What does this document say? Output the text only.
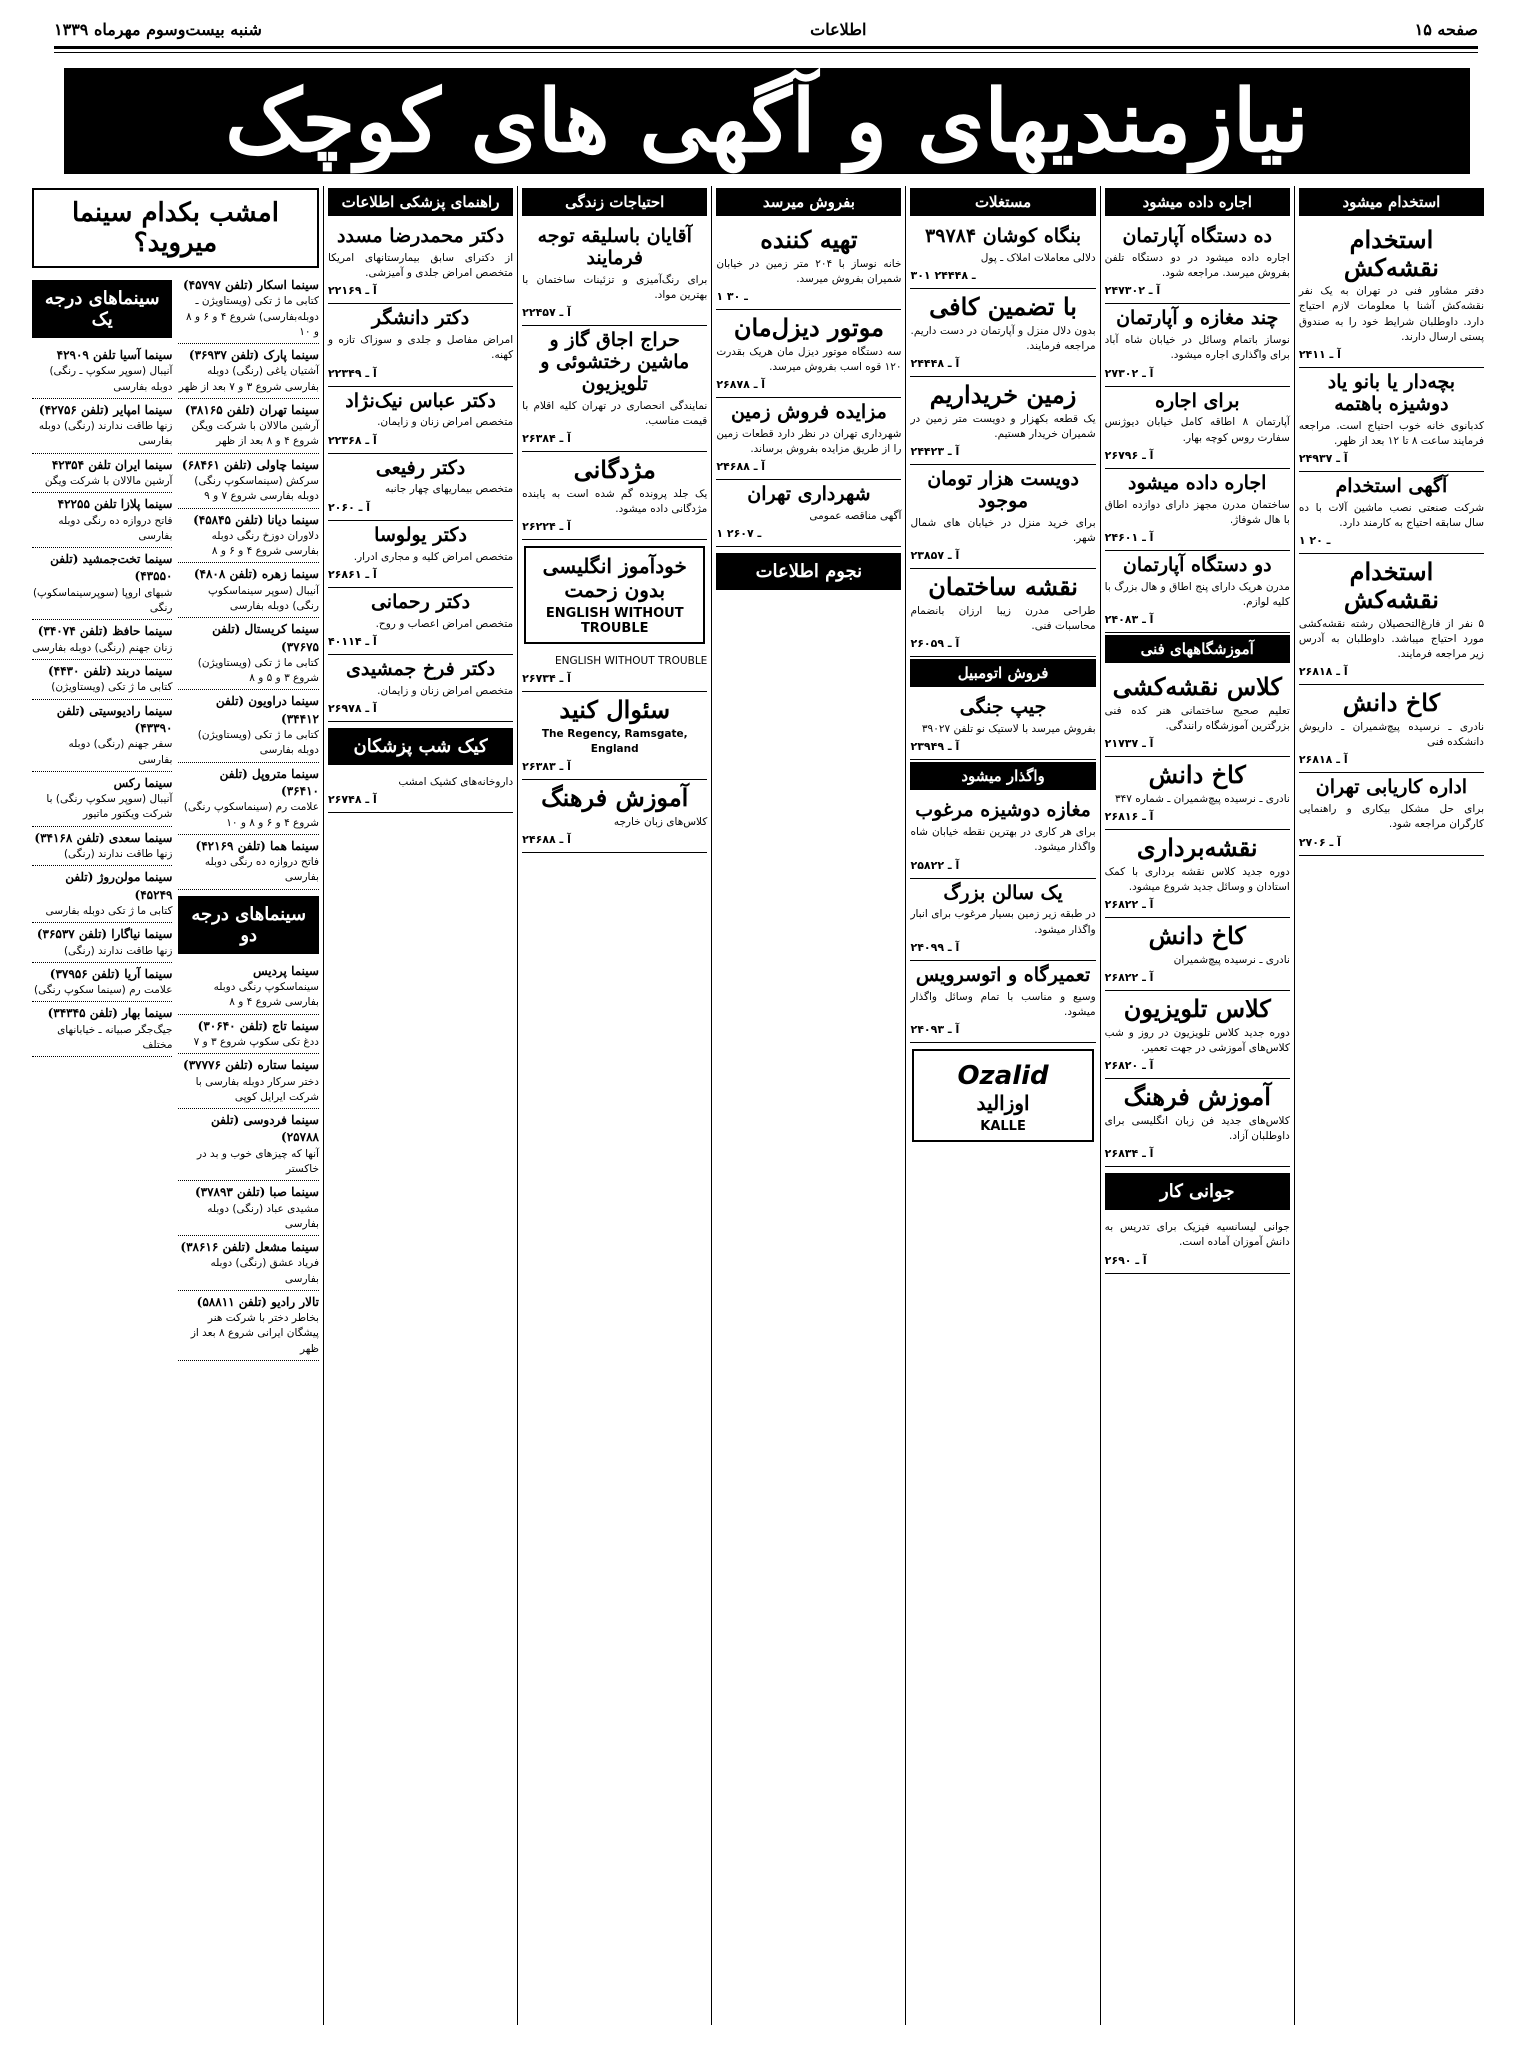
صفحه ۱۵
اطلاعات
شنبه بیست‌وسوم مهرماه ۱۳۳۹
نیازمندیهای و آگهی های کوچک
استخدام میشود
استخدام نقشه‌کش
دفتر مشاور فنی در تهران به یک نفر نقشه‌کش آشنا با معلومات لازم احتیاج دارد. داوطلبان شرایط خود را به صندوق پستی ارسال دارند.
آ ـ ۲۴۱۱
بچه‌دار یا بانو یاد دوشیزه باهتمه
کدبانوی خانه خوب احتیاج است. مراجعه فرمایند ساعت ۸ تا ۱۲ بعد از ظهر.
آ ـ ۲۴۹۳۷
آگهی استخدام
شرکت صنعتی نصب ماشین آلات با ده سال سابقه احتیاج به کارمند دارد.
۱ ـ ۲۰
استخدام نقشه‌کش
۵ نفر از فارغ‌التحصیلان رشته نقشه‌کشی مورد احتیاج میباشد. داوطلبان به آدرس زیر مراجعه فرمایند.
آ ـ ۲۶۸۱۸
کاخ دانش
نادری ـ نرسیده پیچ‌شمیران ـ داریوش دانشکده فنی
آ ـ ۲۶۸۱۸
اداره کاریابی تهران
برای حل مشکل بیکاری و راهنمایی کارگران مراجعه شود.
آ ـ ۲۷۰۶
اجاره داده میشود
ده دستگاه آپارتمان
اجاره داده میشود در دو دستگاه تلفن بفروش میرسد. مراجعه شود.
آ ـ ۲۴۷۳۰۲
چند مغازه و آپارتمان
نوساز باتمام وسائل در خیابان شاه آباد برای واگذاری اجاره میشود.
آ ـ ۲۷۳۰۲
برای اجاره
آپارتمان ۸ اطاقه کامل خیابان دیوژنس سفارت روس کوچه بهار.
آ ـ ۲۶۷۹۶
اجاره داده میشود
ساختمان مدرن مجهز دارای دوازده اطاق با هال شوفاژ.
آ ـ ۲۴۶۰۱
دو دستگاه آپارتمان
مدرن هریک دارای پنج اطاق و هال بزرگ با کلیه لوازم.
آ ـ ۲۴۰۸۳
آموزشگاههای فنی
کلاس نقشه‌کشی
تعلیم صحیح ساختمانی هنر کده فنی بزرگترین آموزشگاه رانندگی.
آ ـ ۲۱۷۳۷
کاخ دانش
نادری ـ نرسیده پیچ‌شمیران ـ شماره ۳۴۷
آ ـ ۲۶۸۱۶
نقشه‌برداری
دوره جدید کلاس نقشه برداری با کمک استادان و وسائل جدید شروع میشود.
آ ـ ۲۶۸۲۲
کاخ دانش
نادری ـ نرسیده پیچ‌شمیران
آ ـ ۲۶۸۲۲
کلاس تلویزیون
دوره جدید کلاس تلویزیون در روز و شب کلاس‌های آموزشی در جهت تعمیر.
آ ـ ۲۶۸۲۰
آموزش فرهنگ
کلاس‌های جدید فن زبان انگلیسی برای داوطلبان آزاد.
آ ـ ۲۶۸۳۴
جوانی کار
جوانی لیسانسیه فیزیک برای تدریس به دانش آموزان آماده است.
آ ـ ۲۶۹۰
مستغلات
بنگاه کوشان ۳۹۷۸۴
دلالی معاملات املاک ـ پول
۳۰۱ ـ ۲۴۴۴۸
با تضمین کافی
بدون دلال منزل و آپارتمان در دست داریم. مراجعه فرمایند.
آ ـ ۲۴۴۴۸
زمین خریداریم
یک قطعه بکهزار و دویست متر زمین در شمیران خریدار هستیم.
آ ـ ۲۴۴۲۳
دویست هزار تومان موجود
برای خرید منزل در خیابان های شمال شهر.
آ ـ ۲۳۸۵۷
نقشه ساختمان
طراحی مدرن زیبا ارزان بانضمام محاسبات فنی.
آ ـ ۲۶۰۵۹
فروش اتومبیل
جیپ جنگی
بفروش میرسد با لاستیک نو تلفن ۳۹۰۲۷
آ ـ ۲۳۹۴۹
واگذار میشود
مغازه دوشیزه مرغوب
برای هر کاری در بهترین نقطه خیابان شاه واگذار میشود.
آ ـ ۲۵۸۲۲
یک سالن بزرگ
در طبقه زیر زمین بسیار مرغوب برای انبار واگذار میشود.
آ ـ ۲۴۰۹۹
تعمیرگاه و اتوسرویس
وسیع و مناسب با تمام وسائل واگذار میشود.
آ ـ ۲۴۰۹۳
Ozalid
اوزالید
KALLE
بفروش میرسد
تهیه کننده
خانه نوساز با ۲۰۴ متر زمین در خیابان شمیران بفروش میرسد.
۱ ـ ۳۰
موتور دیزل‌مان
سه دستگاه موتور دیزل مان هریک بقدرت ۱۲۰ قوه اسب بفروش میرسد.
آ ـ ۲۶۸۷۸
مزایده فروش زمین
شهرداری تهران در نظر دارد قطعات زمین را از طریق مزایده بفروش برساند.
آ ـ ۲۴۶۸۸
شهرداری تهران
آگهی مناقصه عمومی
۱ ـ ۲۶۰۷
نجوم اطلاعات
احتیاجات زندگی
آقایان باسلیقه توجه فرمایند
برای رنگ‌آمیزی و تزئینات ساختمان با بهترین مواد.
آ ـ ۲۲۴۵۷
حراج اجاق گاز و ماشین رختشوئی و تلویزیون
نمایندگی انحصاری در تهران کلیه اقلام با قیمت مناسب.
آ ـ ۲۶۳۸۴
مژدگانی
یک جلد پرونده گم شده است به یابنده مژدگانی داده میشود.
آ ـ ۲۶۲۲۴
خودآموز انگلیسی بدون زحمت
ENGLISH WITHOUT TROUBLE
ENGLISH WITHOUT TROUBLE
آ ـ ۲۶۷۳۴
سئوال کنید
The Regency, Ramsgate, England
آ ـ ۲۶۳۸۳
آموزش فرهنگ
کلاس‌های زبان خارجه
آ ـ ۲۴۶۸۸
راهنمای پزشکی اطلاعات
دکتر محمدرضا مسدد
از دکترای سابق بیمارستانهای امریکا متخصص امراض جلدی و آمیزشی.
آ ـ ۲۲۱۶۹
دکتر دانشگر
امراض مفاصل و جلدی و سوزاک تازه و کهنه.
آ ـ ۲۲۳۴۹
دکتر عباس نیک‌نژاد
متخصص امراض زنان و زایمان.
آ ـ ۲۲۳۶۸
دکتر رفیعی
متخصص بیماریهای چهار جانبه
آ ـ ۲۰۶۰
دکتر یولوسا
متخصص امراض کلیه و مجاری ادرار.
آ ـ ۲۶۸۶۱
دکتر رحمانی
متخصص امراض اعصاب و روح.
آ ـ ۴۰۱۱۴
دکتر فرخ جمشیدی
متخصص امراض زنان و زایمان.
آ ـ ۲۶۹۷۸
کیک شب پزشکان
داروخانه‌های کشیک امشب
آ ـ ۲۶۷۴۸
امشب بکدام سینما میروید؟
سینماهای درجه یک
سینما آسیا تلفن ۴۲۹۰۹
آنیبال (سوپر سکوپ ـ رنگی) دوبله بفارسی
سینما امپایر (تلفن ۴۲۷۵۶)
زنها طاقت ندارند (رنگی) دوبله بفارسی
سینما ایران تلفن ۴۲۳۵۴
آرشین مالالان با شرکت ویگن
سینما پلازا تلفن ۴۲۲۵۵
فاتح دروازه ده رنگی دوبله بفارسی
سینما تخت‌جمشید (تلفن ۴۳۵۵۰)
شبهای اروپا (سوپرسینماسکوپ) رنگی
سینما حافظ (تلفن ۳۴۰۷۴)
زنان جهنم (رنگی) دوبله بفارسی
سینما دربند (تلفن ۴۴۳۰)
کتابی ما ژ تکی (ویستاویژن)
سینما رادیوسیتی (تلفن ۴۳۳۹۰)
سفر جهنم (رنگی) دوبله بفارسی
سینما رکس
آنیبال (سوپر سکوپ رنگی) با شرکت ویکتور ماتیور
سینما سعدی (تلفن ۳۴۱۶۸)
زنها طاقت ندارند (رنگی)
سینما مولن‌روژ (تلفن ۴۵۲۴۹)
کتابی ما ژ تکی دوبله بفارسی
سینما نیاگارا (تلفن ۳۶۵۳۷)
زنها طاقت ندارند (رنگی)
سینما آریا (تلفن ۳۷۹۵۶)
علامت رم (سینما سکوپ رنگی)
سینما بهار (تلفن ۳۴۳۴۵)
جیگ‌جگر صبیانه ـ خیابانهای مختلف
سینما اسکار (تلفن ۴۵۷۹۷)
کتابی ما ژ تکی (ویستاویژن ـ دوبله‌بفارسی) شروع ۴ و ۶ و ۸ و ۱۰
سینما پارک (تلفن ۳۶۹۳۷)
آشتیان یاغی (رنگی) دوبله بفارسی شروع ۳ و ۷ بعد از ظهر
سینما تهران (تلفن ۳۸۱۶۵)
آرشین مالالان با شرکت ویگن شروع ۴ و ۸ بعد از ظهر
سینما چاولی (تلفن ۶۸۴۶۱)
سرکش (سینماسکوپ رنگی) دوبله بفارسی شروع ۷ و ۹
سینما دیانا (تلفن ۴۵۸۴۵)
دلاوران دوزخ رنگی دوبله بفارسی شروع ۴ و ۶ و ۸
سینما زهره (تلفن ۴۸۰۸)
آنیبال (سوپر سینماسکوپ رنگی) دوبله بفارسی
سینما کریستال (تلفن ۳۷۶۷۵)
کتابی ما ژ تکی (ویستاویژن) شروع ۳ و ۵ و ۸
سینما دراویون (تلفن ۳۴۴۱۲)
کتابی ما ژ تکی (ویستاویژن) دوبله بفارسی
سینما متروپل (تلفن ۳۶۴۱۰)
علامت رم (سینماسکوپ رنگی) شروع ۴ و ۶ و ۸ و ۱۰
سینما هما (تلفن ۴۲۱۶۹)
فاتح دروازه ده رنگی دوبله بفارسی
سینماهای درجه دو
سینما پردیس
سینماسکوپ رنگی دوبله بفارسی شروع ۴ و ۸
سینما تاج (تلفن ۳۰۶۴۰)
ددغ تکی سکوپ شروع ۳ و ۷
سینما ستاره (تلفن ۳۷۷۷۶)
دختر سرکار دوبله بفارسی با شرکت ایرایل کوپی
سینما فردوسی (تلفن ۲۵۷۸۸)
آنها که چیزهای خوب و بد در خاکستر
سینما صبا (تلفن ۳۷۸۹۳)
مشیدی عباد (رنگی) دوبله بفارسی
سینما مشعل (تلفن ۳۸۶۱۶)
فریاد عشق (رنگی) دوبله بفارسی
تالار رادیو (تلفن ۵۸۸۱۱)
بخاطر دختر با شرکت هنر پیشگان ایرانی شروع ۸ بعد از ظهر
